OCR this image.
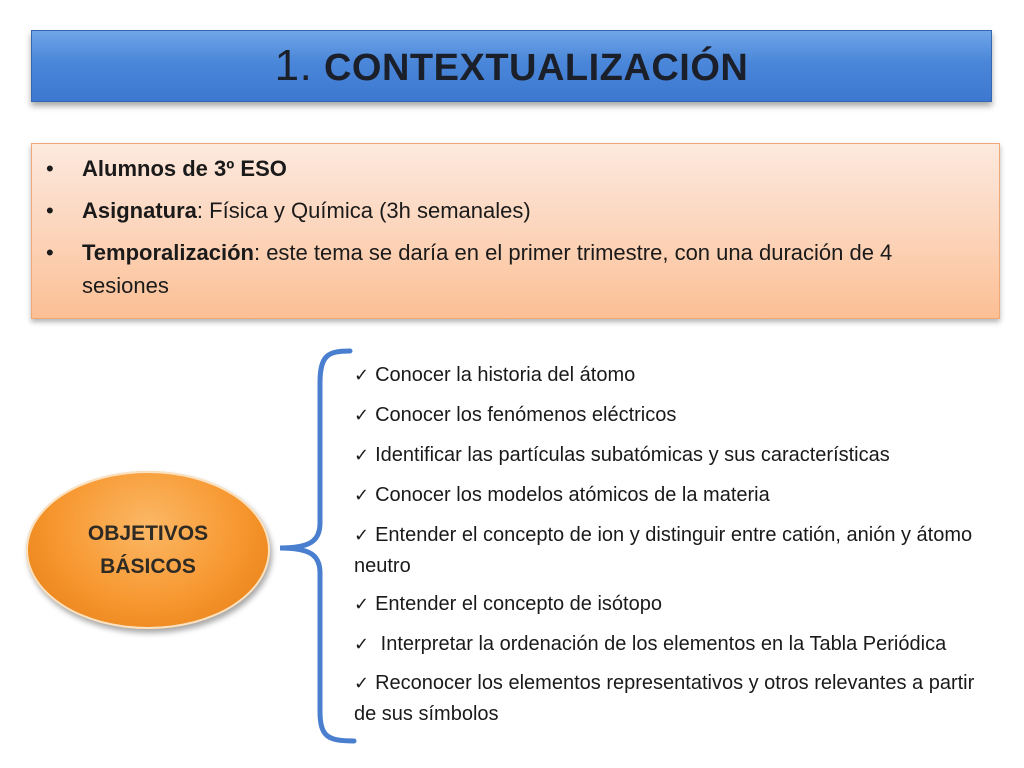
1. CONTEXTUALIZACIÓN
• Alumnos de 3º ESO
• Asignatura: Física y Química (3h semanales)
• Temporalización: este tema se daría en el primer trimestre, con una duración de 4 sesiones
OBJETIVOS
BÁSICOS
✓ Conocer la historia del átomo
✓ Conocer los fenómenos eléctricos
✓ Identificar las partículas subatómicas y sus características
✓ Conocer los modelos atómicos de la materia
✓ Entender el concepto de ion y distinguir entre catión, anión y átomo neutro
✓ Entender el concepto de isótopo
✓ Interpretar la ordenación de los elementos en la Tabla Periódica
✓ Reconocer los elementos representativos y otros relevantes a partir de sus símbolos
